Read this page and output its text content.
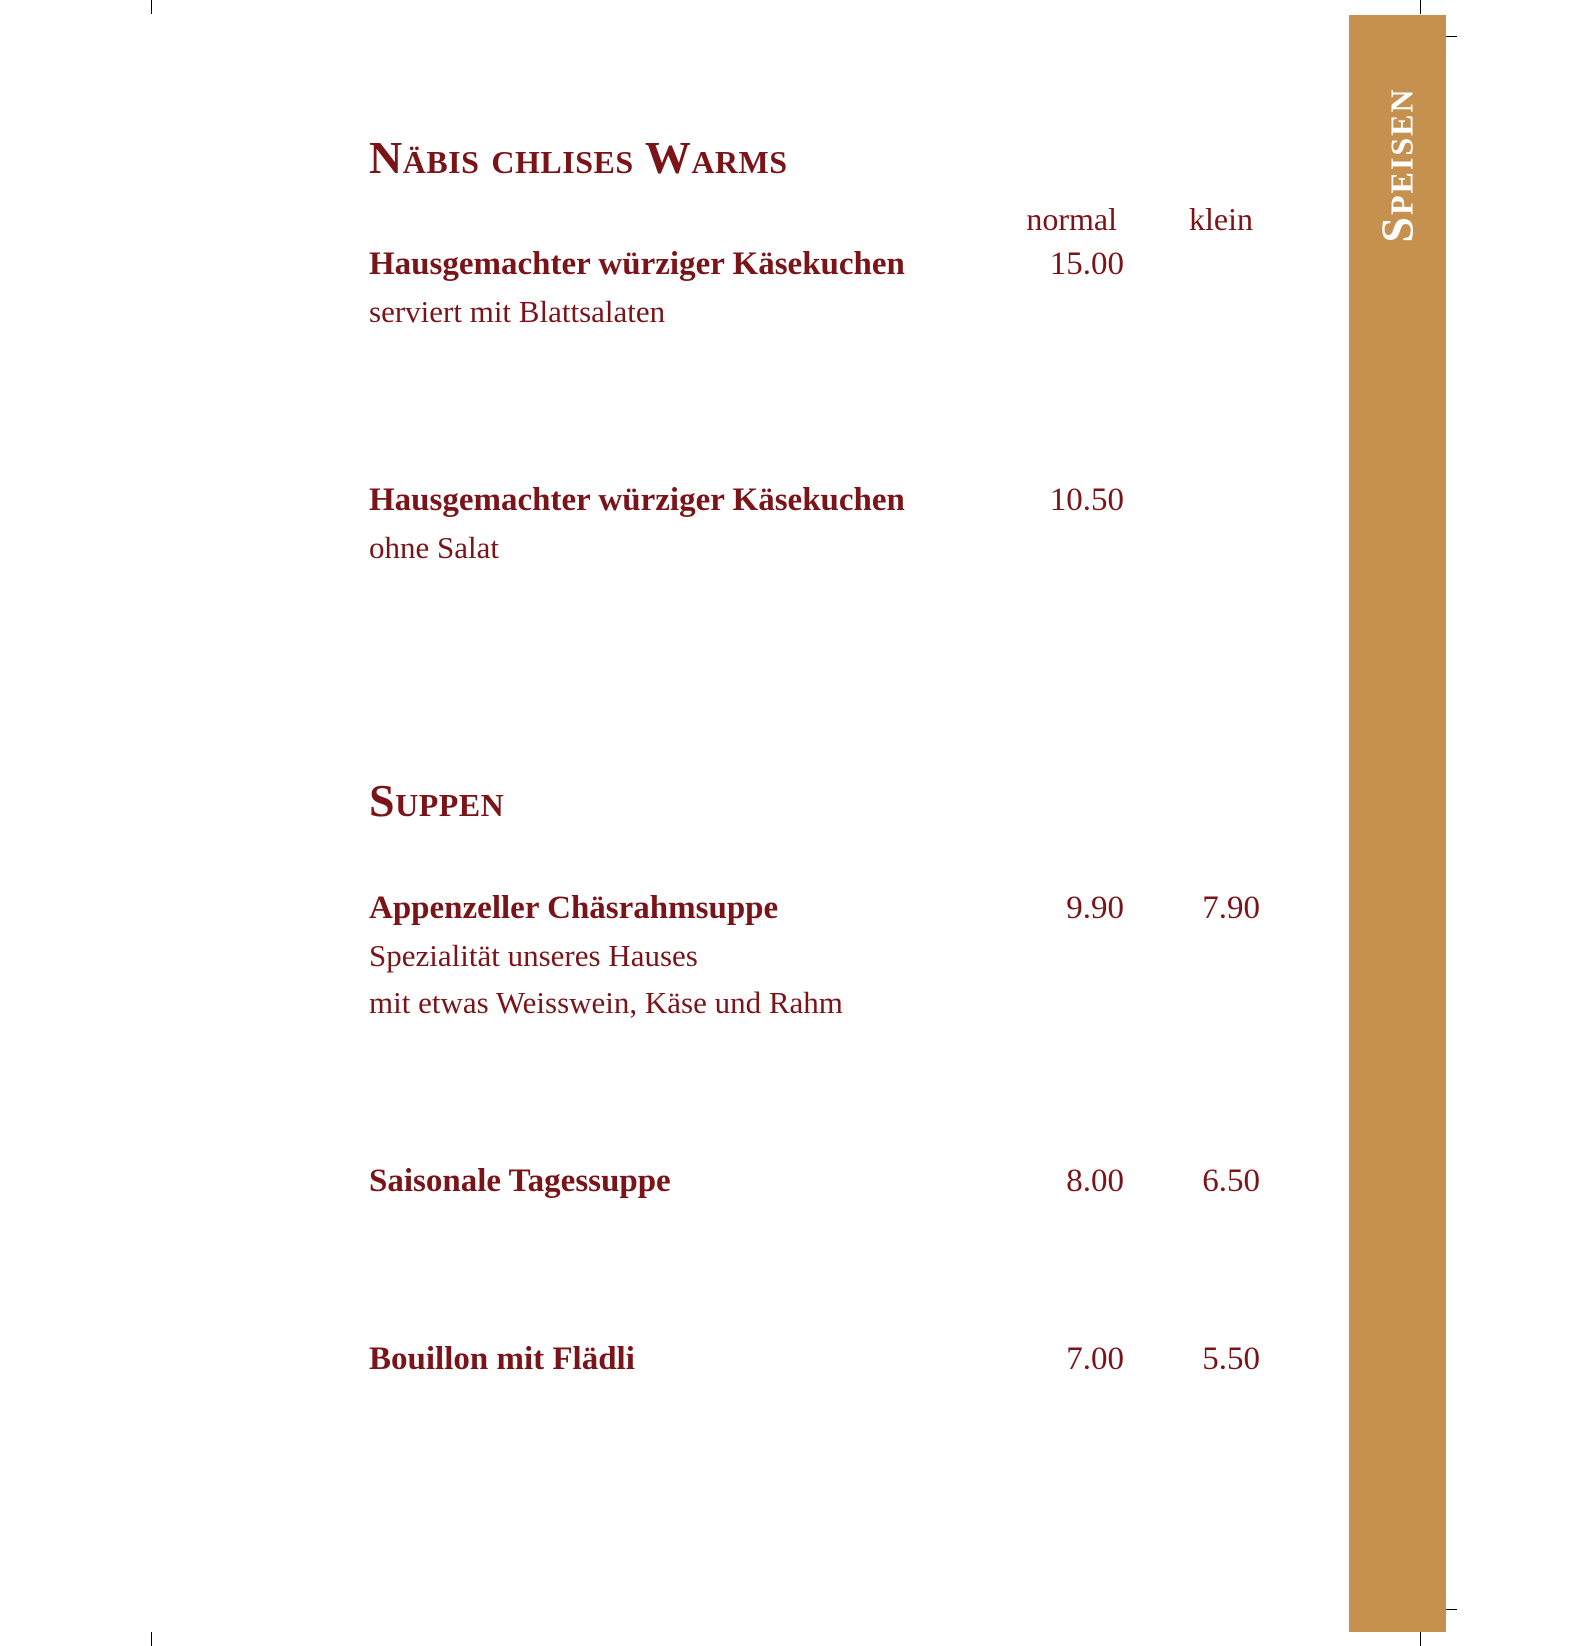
Speisen
Näbis chlises Warms
normal klein
Hausgemachter würziger Käsekuchen
serviert mit Blattsalaten
15.00
Hausgemachter würziger Käsekuchen
ohne Salat
10.50
Suppen
Appenzeller Chäsrahmsuppe
Spezialität unseres Hauses
mit etwas Weisswein, Käse und Rahm
9.90 7.90
Saisonale Tagessuppe	8.00 6.50
Bouillon mit Flädli	7.00 5.50
